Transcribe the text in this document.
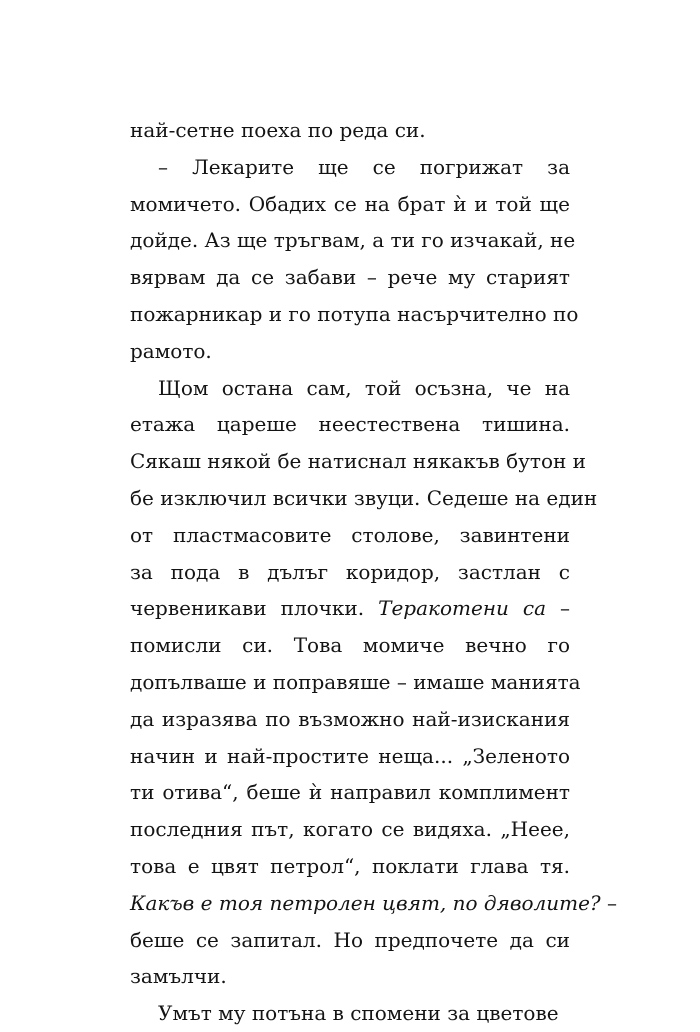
най-сетне поеха по реда си.
– Лекарите ще се погрижат за
момичето. Обадих се на брат ѝ и той ще
дойде. Аз ще тръгвам, а ти го изчакай, не
вярвам да се забави – рече му старият
пожарникар и го потупа насърчително по
рамото.
Щом остана сам, той осъзна, че на
етажа цареше неестествена тишина.
Сякаш някой бе натиснал някакъв бутон и
бе изключил всички звуци. Седеше на един
от пластмасовите столове, завинтени
за пода в дълъг коридор, застлан с
червеникави плочки. Теракотени са –
помисли си. Това момиче вечно го
допълваше и поправяше – имаше манията
да изразява по възможно най-изискания
начин и най-простите неща... „Зеленото
ти отива“, беше ѝ направил комплимент
последния път, когато се видяха. „Нееe,
това е цвят петрол“, поклати глава тя.
Какъв е тоя петролен цвят, по дяволите? –
беше се запитал. Но предпочете да си
замълчи.
Умът му потъна в спомени за цветове
